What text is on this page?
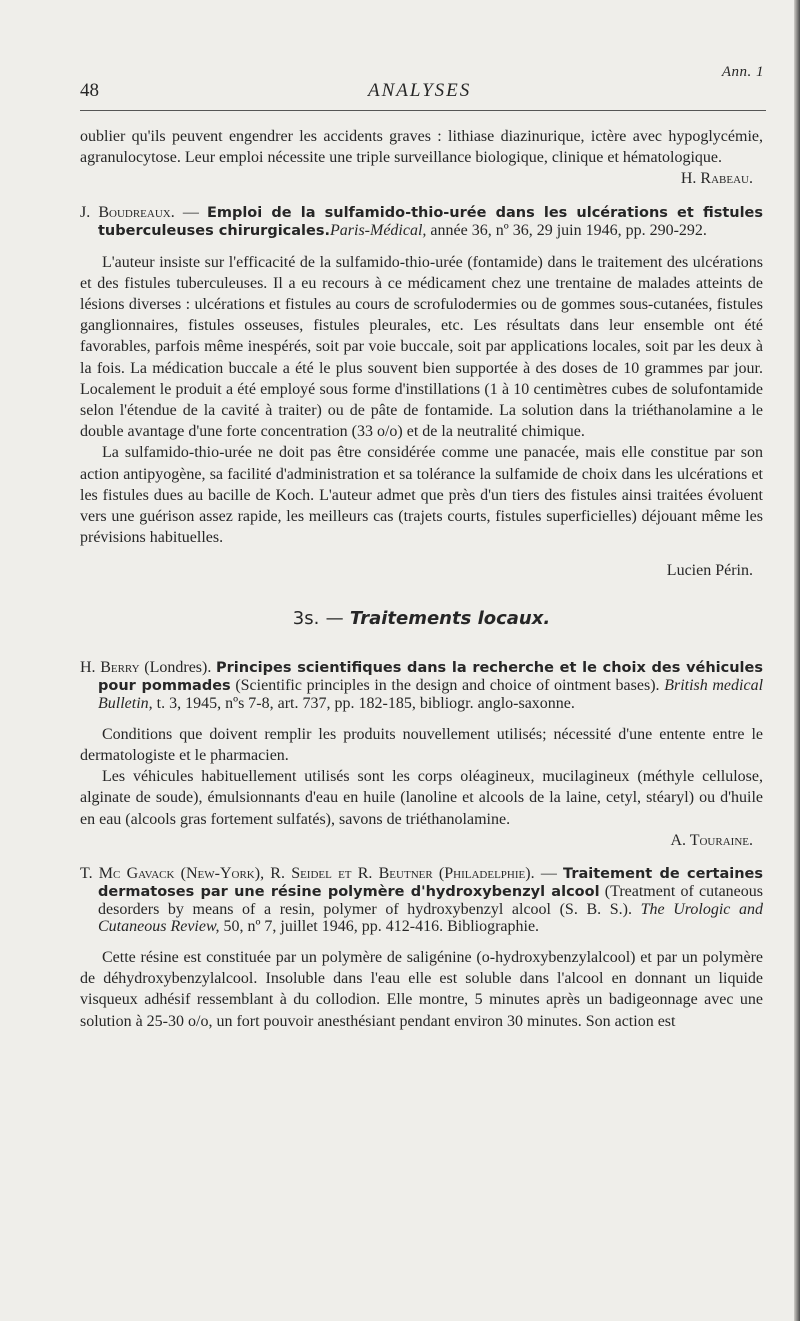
Ann. 1
48	ANALYSES

oublier qu'ils peuvent engendrer les accidents graves : lithiase diazinurique, ictère avec hypoglycémie, agranulocytose. Leur emploi nécessite une triple surveillance biologique, clinique et hématologique.

H. Rabeau.

J. Boudreaux. — Emploi de la sulfamido-thio-urée dans les ulcérations et fistules tuberculeuses chirurgicales.Paris-Médical, année 36, nº 36, 29 juin 1946, pp. 290-292.

L'auteur insiste sur l'efficacité de la sulfamido-thio-urée (fontamide) dans le traitement des ulcérations et des fistules tuberculeuses. Il a eu recours à ce médicament chez une trentaine de malades atteints de lésions diverses : ulcérations et fistules au cours de scrofulodermies ou de gommes sous-cutanées, fistules ganglionnaires, fistules osseuses, fistules pleurales, etc. Les résultats dans leur ensemble ont été favorables, parfois même inespérés, soit par voie buccale, soit par applications locales, soit par les deux à la fois. La médication buccale a été le plus souvent bien supportée à des doses de 10 grammes par jour. Localement le produit a été employé sous forme d'instillations (1 à 10 centimètres cubes de solufontamide selon l'étendue de la cavité à traiter) ou de pâte de fontamide. La solution dans la triéthanolamine a le double avantage d'une forte concentration (33 o/o) et de la neutralité chimique.

La sulfamido-thio-urée ne doit pas être considérée comme une panacée, mais elle constitue par son action antipyogène, sa facilité d'administration et sa tolérance la sulfamide de choix dans les ulcérations et les fistules dues au bacille de Koch. L'auteur admet que près d'un tiers des fistules ainsi traitées évoluent vers une guérison assez rapide, les meilleurs cas (trajets courts, fistules superficielles) déjouant même les prévisions habituelles.

Lucien Périn.

3s. — Traitements locaux.

H. Berry (Londres). Principes scientifiques dans la recherche et le choix des véhicules pour pommades (Scientific principles in the design and choice of ointment bases). British medical Bulletin, t. 3, 1945, nºs 7-8, art. 737, pp. 182-185, bibliogr. anglo-saxonne.

Conditions que doivent remplir les produits nouvellement utilisés; nécessité d'une entente entre le dermatologiste et le pharmacien.

Les véhicules habituellement utilisés sont les corps oléagineux, mucilagineux (méthyle cellulose, alginate de soude), émulsionnants d'eau en huile (lanoline et alcools de la laine, cetyl, stéaryl) ou d'huile en eau (alcools gras fortement sulfatés), savons de triéthanolamine.

A. Touraine.

T. Mc Gavack (New-York), R. Seidel et R. Beutner (Philadelphie). — Traitement de certaines dermatoses par une résine polymère d'hydroxybenzyl alcool (Treatment of cutaneous desorders by means of a resin, polymer of hydroxybenzyl alcool (S. B. S.). The Urologic and Cutaneous Review, 50, nº 7, juillet 1946, pp. 412-416. Bibliographie.

Cette résine est constituée par un polymère de saligénine (o-hydroxybenzylalcool) et par un polymère de déhydroxybenzylalcool. Insoluble dans l'eau elle est soluble dans l'alcool en donnant un liquide visqueux adhésif ressemblant à du collodion. Elle montre, 5 minutes après un badigeonnage avec une solution à 25-30 o/o, un fort pouvoir anesthésiant pendant environ 30 minutes. Son action est
